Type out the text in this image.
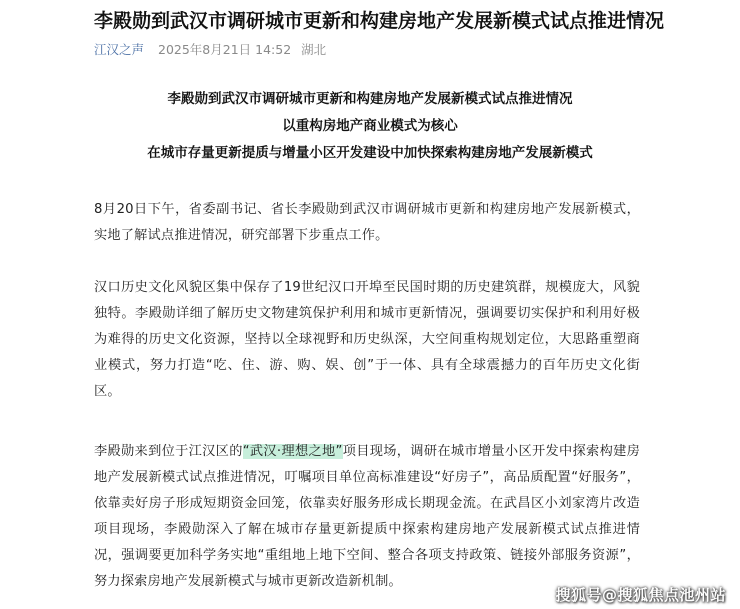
李殿勋到武汉市调研城市更新和构建房地产发展新模式试点推进情况
江汉之声 2025年8月21日 14:52 湖北
李殿勋到武汉市调研城市更新和构建房地产发展新模式试点推进情况
以重构房地产商业模式为核心
在城市存量更新提质与增量小区开发建设中加快探索构建房地产发展新模式
8月20日下午，省委副书记、省长李殿勋到武汉市调研城市更新和构建房地产发展新模式，实地了解试点推进情况，研究部署下步重点工作。
汉口历史文化风貌区集中保存了19世纪汉口开埠至民国时期的历史建筑群，规模庞大，风貌独特。李殿勋详细了解历史文物建筑保护利用和城市更新情况，强调要切实保护和利用好极为难得的历史文化资源，坚持以全球视野和历史纵深，大空间重构规划定位，大思路重塑商业模式，努力打造“吃、住、游、购、娱、创”于一体、具有全球震撼力的百年历史文化街区。
李殿勋来到位于江汉区的“武汉·理想之地”项目现场，调研在城市增量小区开发中探索构建房地产发展新模式试点推进情况，叮嘱项目单位高标准建设“好房子”，高品质配置“好服务”，依靠卖好房子形成短期资金回笼，依靠卖好服务形成长期现金流。在武昌区小刘家湾片改造项目现场，李殿勋深入了解在城市存量更新提质中探索构建房地产发展新模式试点推进情况，强调要更加科学务实地“重组地上地下空间、整合各项支持政策、链接外部服务资源”，努力探索房地产发展新模式与城市更新改造新机制。
搜狐号@搜狐焦点池州站
